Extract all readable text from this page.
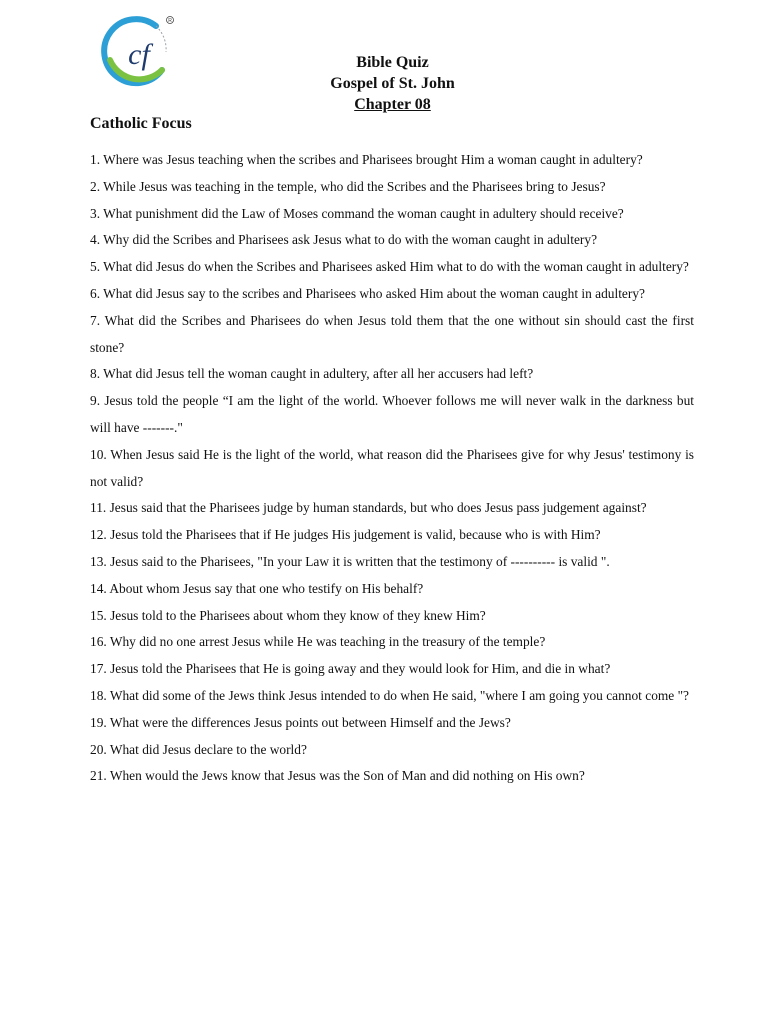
cf
R
Bible Quiz
Gospel of St. John
Chapter 08
Catholic Focus

1. Where was Jesus teaching when the scribes and Pharisees brought Him a woman caught in adultery?

2. While Jesus was teaching in the temple, who did the Scribes and the Pharisees bring to Jesus?

3. What punishment did the Law of Moses command the woman caught in adultery should receive?

4. Why did the Scribes and Pharisees ask Jesus what to do with the woman caught in adultery?

5. What did Jesus do when the Scribes and Pharisees asked Him what to do with the woman caught in adultery?

6. What did Jesus say to the scribes and Pharisees who asked Him about the woman caught in adultery?

7. What did the Scribes and Pharisees do when Jesus told them that the one without sin should cast the first stone?

8. What did Jesus tell the woman caught in adultery, after all her accusers had left?

9. Jesus told the people “I am the light of the world. Whoever follows me will never walk in the darkness but will have -------."

10. When Jesus said He is the light of the world, what reason did the Pharisees give for why Jesus' testimony is not valid?

11. Jesus said that the Pharisees judge by human standards, but who does Jesus pass judgement against?

12. Jesus told the Pharisees that if He judges His judgement is valid, because who is with Him?

13. Jesus said to the Pharisees, "In your Law it is written that the testimony of ---------- is valid ".

14. About whom Jesus say that one who testify on His behalf?

15. Jesus told to the Pharisees about whom they know of they knew Him?

16. Why did no one arrest Jesus while He was teaching in the treasury of the temple?

17. Jesus told the Pharisees that He is going away and they would look for Him, and die in what?

18. What did some of the Jews think Jesus intended to do when He said, "where I am going you cannot come "?

19. What were the differences Jesus points out between Himself and the Jews?

20. What did Jesus declare to the world?

21. When would the Jews know that Jesus was the Son of Man and did nothing on His own?
